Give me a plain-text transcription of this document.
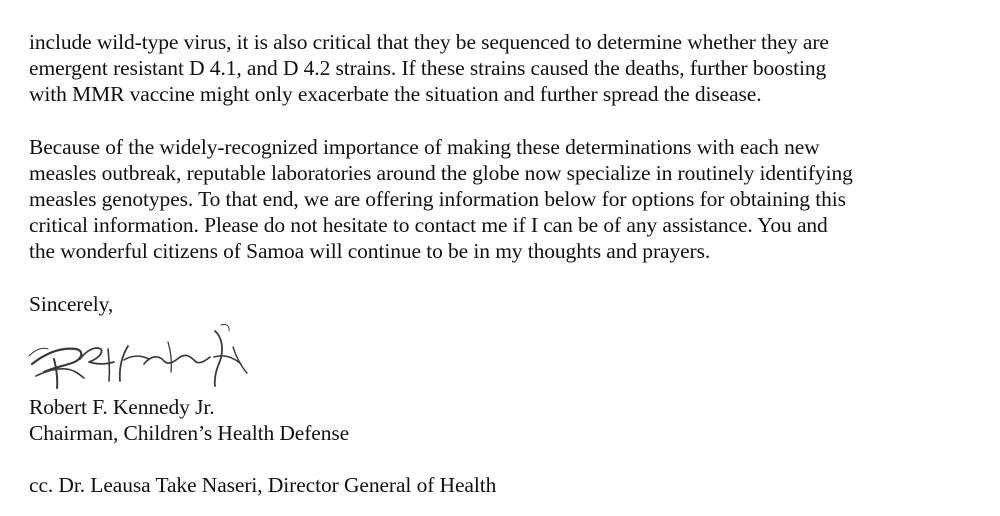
include wild-type virus, it is also critical that they be sequenced to determine whether they are
emergent resistant D 4.1, and D 4.2 strains. If these strains caused the deaths, further boosting
with MMR vaccine might only exacerbate the situation and further spread the disease.
Because of the widely-recognized importance of making these determinations with each new
measles outbreak, reputable laboratories around the globe now specialize in routinely identifying
measles genotypes. To that end, we are offering information below for options for obtaining this
critical information. Please do not hesitate to contact me if I can be of any assistance. You and
the wonderful citizens of Samoa will continue to be in my thoughts and prayers.
Sincerely,
Robert F. Kennedy Jr.
Chairman, Children’s Health Defense
cc. Dr. Leausa Take Naseri, Director General of Health
